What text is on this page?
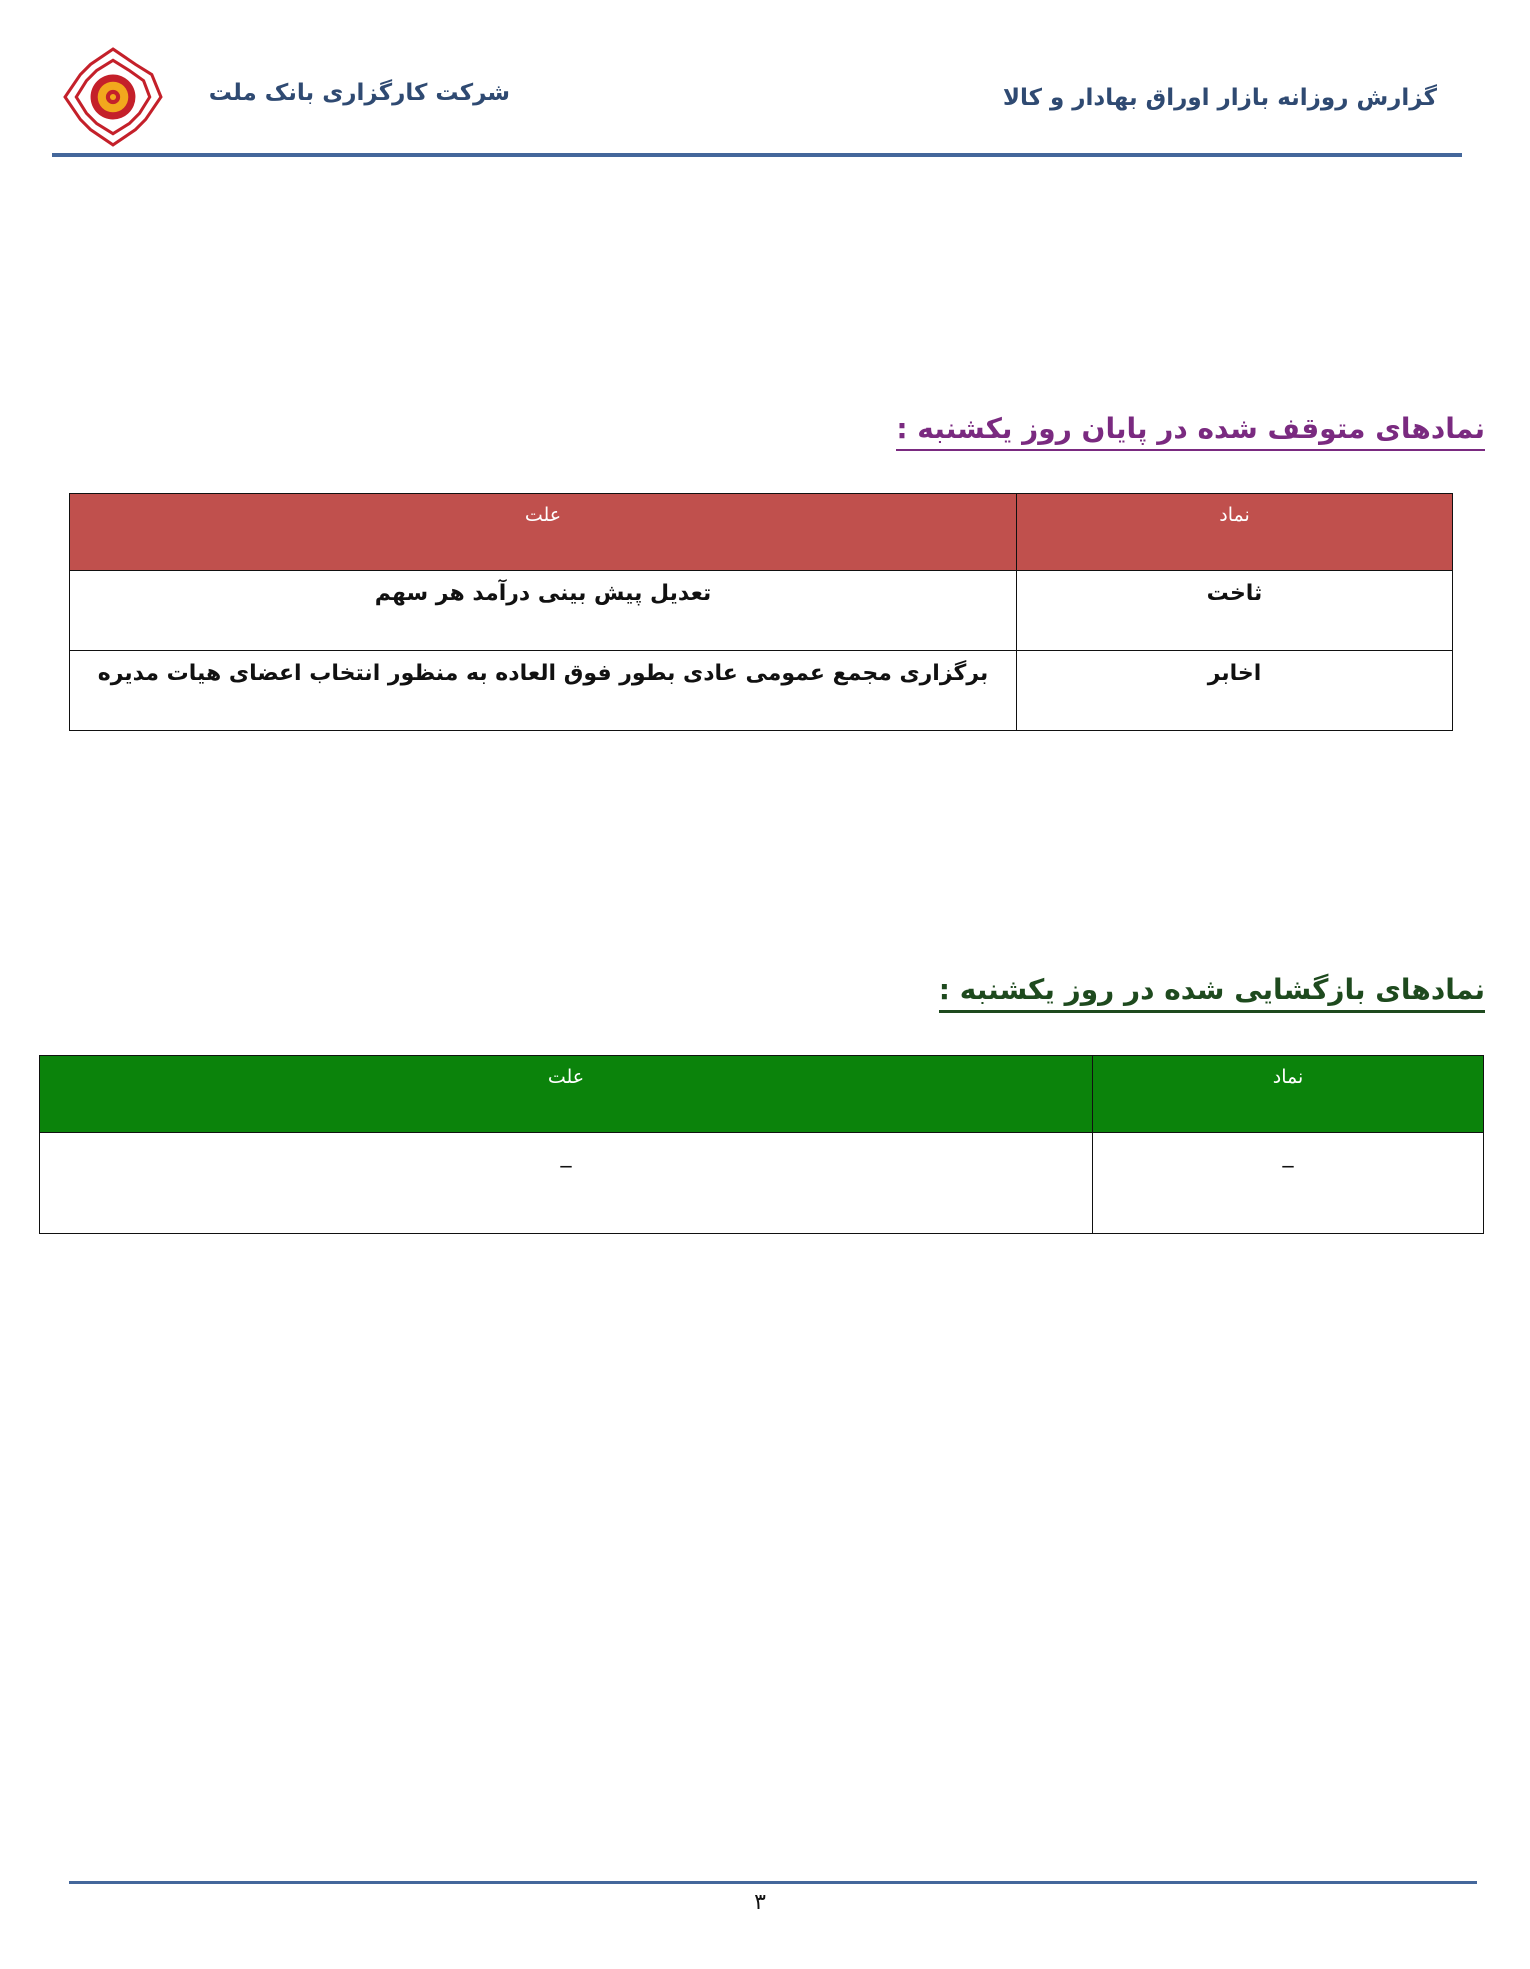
شرکت کارگزاری بانک ملت	گزارش روزانه بازار اوراق بهادار و کالا
نمادهای متوقف شده در پایان روز یکشنبه :
نماد	علت
ثاخت	تعدیل پیش بینی درآمد هر سهم
اخابر	برگزاری مجمع عمومی عادی بطور فوق العاده به منظور انتخاب اعضای هیات مدیره
نمادهای بازگشایی شده در روز یکشنبه :
نماد	علت
_	_
۳
